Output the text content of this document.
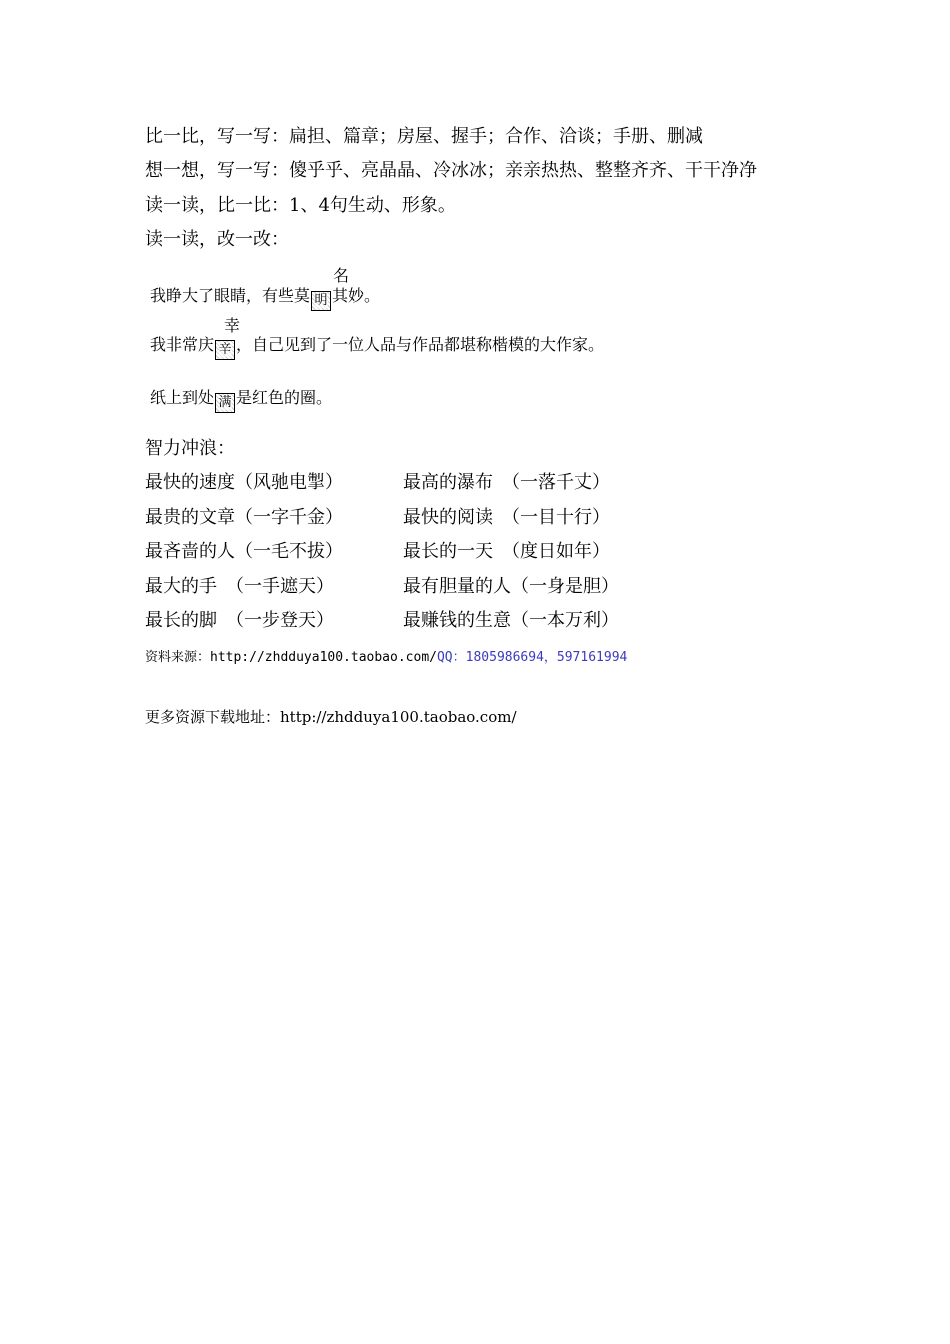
比一比，写一写：扁担、篇章；房屋、握手；合作、洽谈；手册、删减
想一想，写一写：傻乎乎、亮晶晶、冷冰冰；亲亲热热、整整齐齐、干干净净
读一读，比一比：1、4句生动、形象。
读一读，改一改：
名
我睁大了眼睛，有些莫 明 其妙。
幸
我非常庆 辛 ，自己见到了一位人品与作品都堪称楷模的大作家。
纸上到处 满 是红色的圈。
智力冲浪：
最快的速度（风驰电掣）	最高的瀑布　（一落千丈）
最贵的文章（一字千金）	最快的阅读　（一目十行）
最吝啬的人（一毛不拔）	最长的一天　（度日如年）
最大的手　（一手遮天）	最有胆量的人（一身是胆）
最长的脚　（一步登天）	最赚钱的生意（一本万利）
资料来源：http://zhdduya100.taobao.com/QQ：1805986694，597161994
更多资源下载地址：http://zhdduya100.taobao.com/
